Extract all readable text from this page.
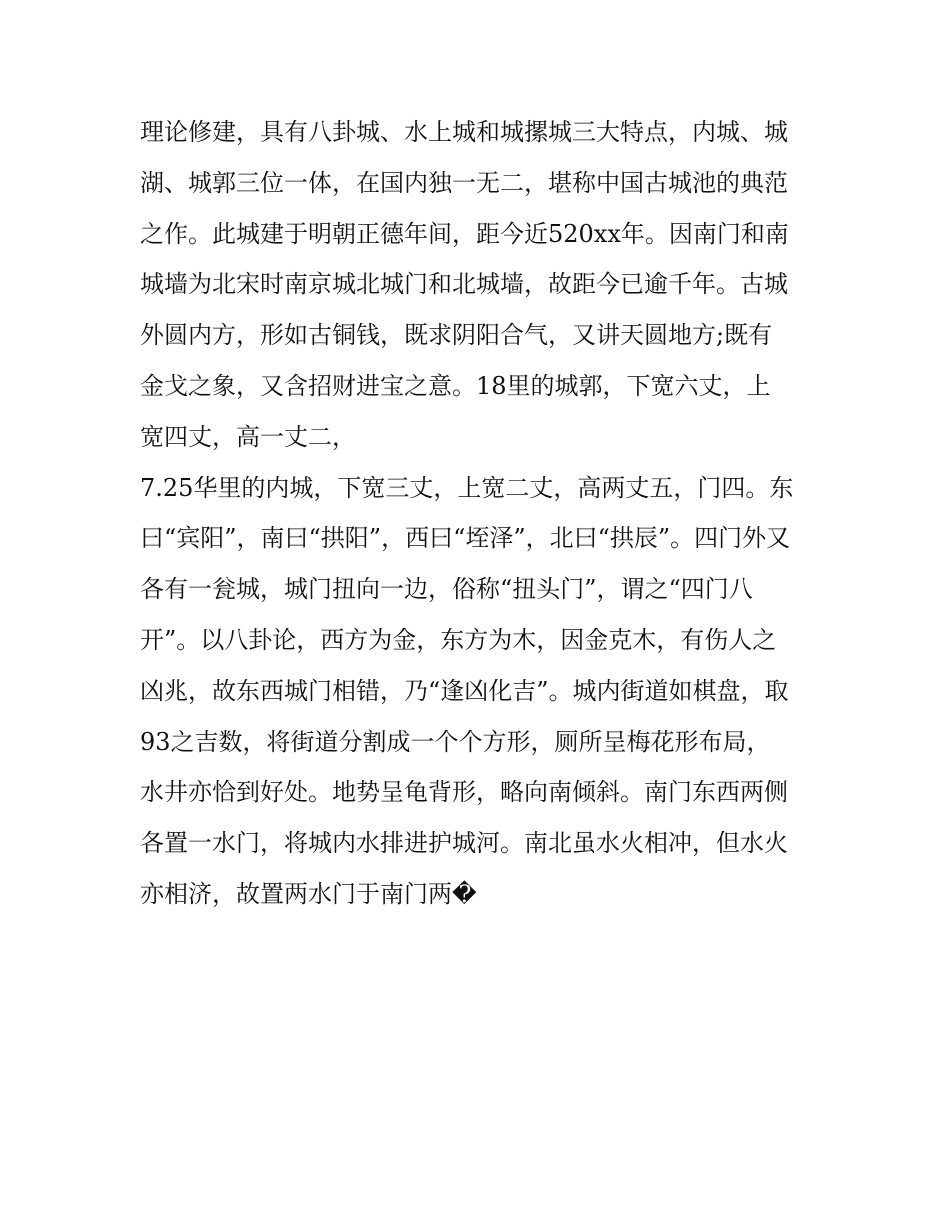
理论修建，具有八卦城、水上城和城摞城三大特点，内城、城
湖、城郭三位一体，在国内独一无二，堪称中国古城池的典范
之作。此城建于明朝正德年间，距今近520xx年。因南门和南
城墙为北宋时南京城北城门和北城墙，故距今已逾千年。古城
外圆内方，形如古铜钱，既求阴阳合气，又讲天圆地方;既有
金戈之象，又含招财进宝之意。18里的城郭，下宽六丈，上
宽四丈，高一丈二，
7.25华里的内城，下宽三丈，上宽二丈，高两丈五，门四。东
曰“宾阳”，南曰“拱阳”，西曰“垤泽”，北曰“拱辰”。四门外又
各有一瓮城，城门扭向一边，俗称“扭头门”，谓之“四门八
开”。以八卦论，西方为金，东方为木，因金克木，有伤人之
凶兆，故东西城门相错，乃“逢凶化吉”。城内街道如棋盘，取
93之吉数，将街道分割成一个个方形，厕所呈梅花形布局，
水井亦恰到好处。地势呈龟背形，略向南倾斜。南门东西两侧
各置一水门，将城内水排进护城河。南北虽水火相冲，但水火
亦相济，故置两水门于南门两�
